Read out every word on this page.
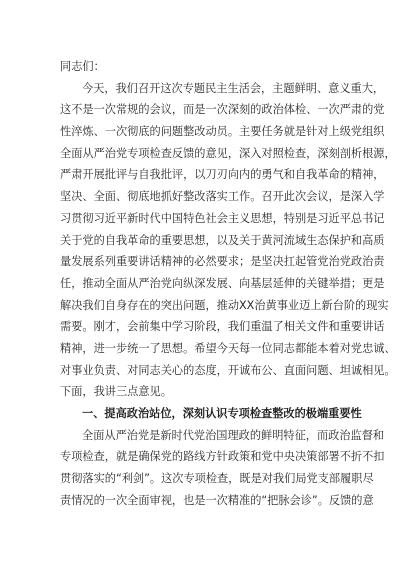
同志们：
今天，我们召开这次专题民主生活会，主题鲜明、意义重大，
这不是一次常规的会议，而是一次深刻的政治体检、一次严肃的党
性淬炼、一次彻底的问题整改动员。主要任务就是针对上级党组织
全面从严治党专项检查反馈的意见，深入对照检查，深刻剖析根源，
严肃开展批评与自我批评，以刀刃向内的勇气和自我革命的精神，
坚决、全面、彻底地抓好整改落实工作。召开此次会议，是深入学
习贯彻习近平新时代中国特色社会主义思想，特别是习近平总书记
关于党的自我革命的重要思想，以及关于黄河流域生态保护和高质
量发展系列重要讲话精神的必然要求；是坚决扛起管党治党政治责
任，推动全面从严治党向纵深发展、向基层延伸的关键举措；更是
解决我们自身存在的突出问题，推动XX治黄事业迈上新台阶的现实
需要。刚才，会前集中学习阶段，我们重温了相关文件和重要讲话
精神，进一步统一了思想。希望今天每一位同志都能本着对党忠诚、
对事业负责、对同志关心的态度，开诚布公、直面问题、坦诚相见。
下面，我讲三点意见。
一、提高政治站位，深刻认识专项检查整改的极端重要性
全面从严治党是新时代党治国理政的鲜明特征，而政治监督和
专项检查，就是确保党的路线方针政策和党中央决策部署不折不扣
贯彻落实的“利剑”。这次专项检查，既是对我们局党支部履职尽
责情况的一次全面审视，也是一次精准的“把脉会诊”。反馈的意
